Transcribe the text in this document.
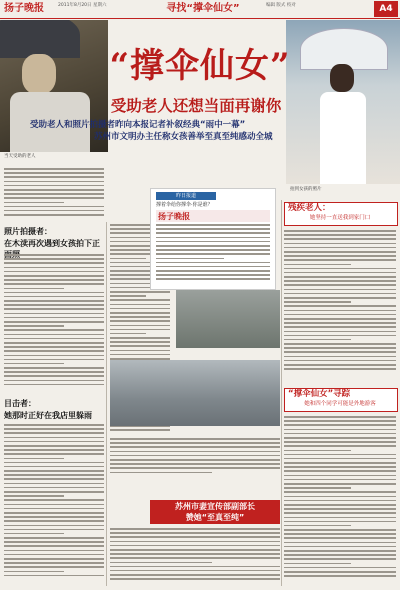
扬子晚报	2011年8月20日 星期六	寻找“撑伞仙女”	编辑 版式 校对	A4
当天受助的老人
拍到女孩的照片
“撑伞仙女”
受助老人还想当面再谢你
受助老人和照片拍摄者昨向本报记者补叙经典“雨中一幕”
苏州市文明办主任称女孩善举至真至纯感动全城
照片拍摄者：
在木渎再次遇到女孩拍下正
目击者：
她那时正好在我店里躲雨
昨日报道
撑着伞给你撑伞·你是谁？
扬子晚报
苏州市妻宣传部副部长
赞她“至真至纯”
残疾老人：
她坚持一直送我到家门口
“撑伞仙女”寻踪
她和四个同学可能是外地游客
